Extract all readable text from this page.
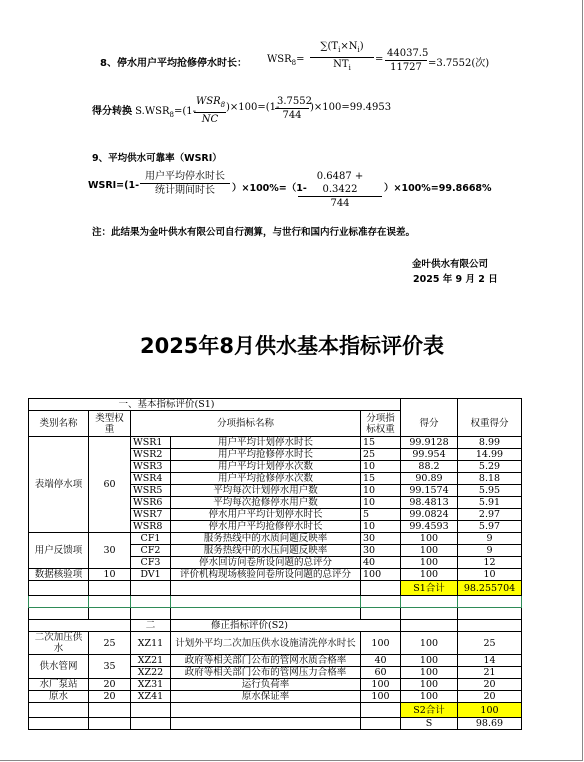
8、停水用户平均抢修停水时长： $WSR_8=$
$\sum(T_i\times N_i)$
$NT_i$
= $\frac{44037.5}{11727} =3.7552$(次)
得分转换 $S.WSR_8=(1-$
$WSR_8$
NC
)×100=(1-
$\frac{3.7552}{744} )\times 100=99.4953$
9、平均供水可靠率（WSRI）
WSRI=(1-
用户平均停水时长
统计期间时长	）×100%=（1-
$\frac{0.6487 + 0.3422}{744} )\times 100\%=99.8668\%$
注：此结果为金叶供水有限公司自行测算，与世行和国内行业标准存在误差。
金叶供水有限公司
2025 年 9 月 2 日
2025年8月供水基本指标评价表
	一、基本指标评价(S1)					
类别名称	类型权重	分项指标名称		分项指标权重	得分	权重得分
表端停水项	60	WSR1	用户平均计划停水时长	15	99.9128	8.99
		WSR2	用户平均抢修停水时长	25	99.954	14.99
		WSR3	用户平均计划停水次数	10	88.2	5.29
		WSR4	用户平均抢修停水次数	15	90.89	8.18
		WSR5	平均每次计划停水用户数	10	99.1574	5.95
		WSR6	平均每次抢修停水用户数	10	98.4813	5.91
		WSR7	停水用户平均计划停水时长	5	99.0824	2.97
		WSR8	停水用户平均抢修停水时长	10	99.4593	5.97
用户反馈项	30	CF1	服务热线中的水质问题反映率	30	100	9
		CF2	服务热线中的水压问题反映率	30	100	9
		CF3	停水回访问卷所设问题的总评分	40	100	12
数据核验项	10	DV1	评价机构现场核验问卷所设问题的总评分	100	100	10
					S1合计	98.255704

		二	修正指标评价(S2)			
二次加压供水	25	XZ11	计划外平均二次加压供水设施清洗停水时长	100	100	25
供水管网	35	XZ21	政府等相关部门公布的管网水质合格率	40	100	14
		XZ22	政府等相关部门公布的管网压力合格率	60	100	21
水厂泵站	20	XZ31	运行负荷率	100	100	20
原水	20	XZ41	原水保证率	100	100	20
					S2合计	100
					S	98.69
